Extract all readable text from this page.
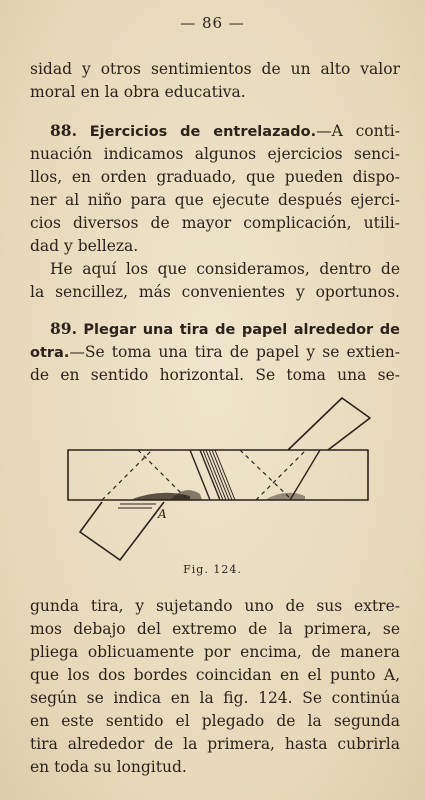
— 86 —
sidad y otros sentimientos de un alto valor
moral en la obra educativa.
88. Ejercicios de entrelazado.—A conti-
nuación indicamos algunos ejercicios senci-
llos, en orden graduado, que pueden dispo-
ner al niño para que ejecute después ejerci-
cios diversos de mayor complicación, utili-
dad y belleza.
He aquí los que consideramos, dentro de
la sencillez, más convenientes y oportunos.
89. Plegar una tira de papel alrededor de
otra.—Se toma una tira de papel y se extien-
de en sentido horizontal. Se toma una se-
A
Fig. 124.
gunda tira, y sujetando uno de sus extre-
mos debajo del extremo de la primera, se
pliega oblicuamente por encima, de manera
que los dos bordes coincidan en el punto A,
según se indica en la fig. 124. Se continúa
en este sentido el plegado de la segunda
tira alrededor de la primera, hasta cubrirla
en toda su longitud.
